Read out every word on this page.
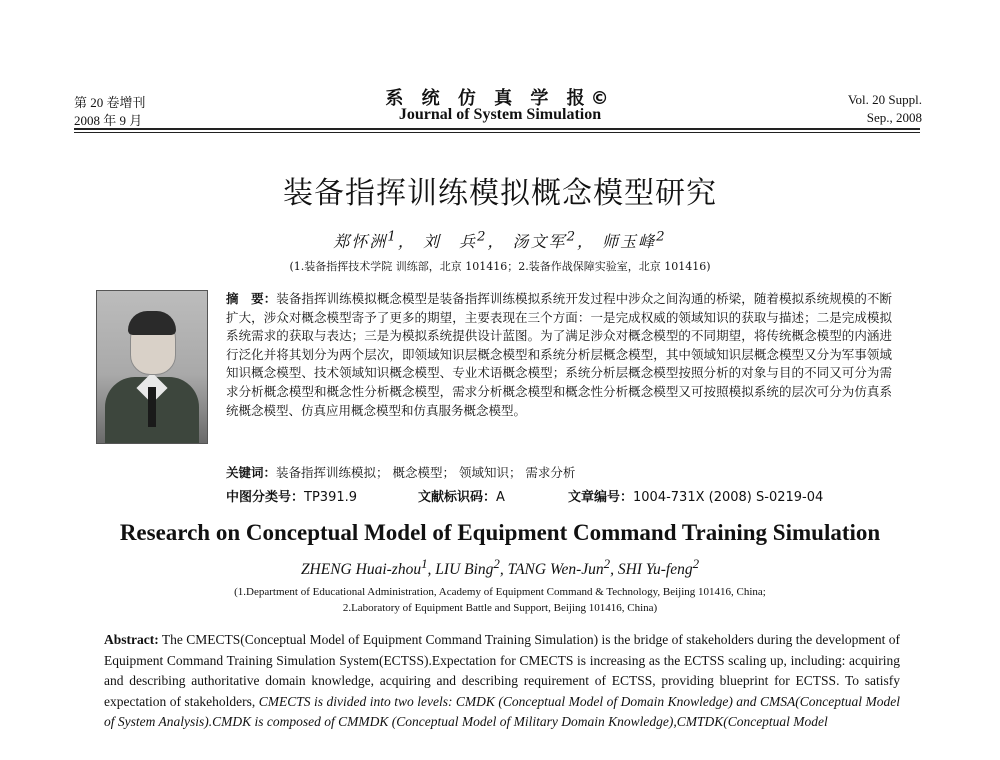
第 20 卷增刊
2008 年 9 月
系 统 仿 真 学 报©
Journal of System Simulation
Vol. 20 Suppl.
Sep., 2008
装备指挥训练模拟概念模型研究
郑怀洲$^1$， 刘　兵$^2$， 汤文军$^2$， 师玉峰$^2$
(1.装备指挥技术学院 训练部，北京 101416；2.装备作战保障实验室，北京 101416)
摘　要：装备指挥训练模拟概念模型是装备指挥训练模拟系统开发过程中涉众之间沟通的桥梁，随着模拟系统规模的不断扩大，涉众对概念模型寄予了更多的期望，主要表现在三个方面：一是完成权威的领域知识的获取与描述；二是完成模拟系统需求的获取与表达；三是为模拟系统提供设计蓝图。为了满足涉众对概念模型的不同期望，将传统概念模型的内涵进行泛化并将其划分为两个层次，即领域知识层概念模型和系统分析层概念模型，其中领域知识层概念模型又分为军事领域知识概念模型、技术领域知识概念模型、专业术语概念模型；系统分析层概念模型按照分析的对象与目的不同又可分为需求分析概念模型和概念性分析概念模型，需求分析概念模型和概念性分析概念模型又可按照模拟系统的层次可分为仿真系统概念模型、仿真应用概念模型和仿真服务概念模型。
关键词：装备指挥训练模拟； 概念模型； 领域知识； 需求分析
中图分类号：TP391.9	文献标识码：A	文章编号：1004-731X (2008) S-0219-04
Research on Conceptual Model of Equipment Command Training Simulation
ZHENG Huai-zhou$^1$, LIU Bing$^2$, TANG Wen-Jun$^2$, SHI Yu-feng$^2$
(1.Department of Educational Administration, Academy of Equipment Command & Technology, Beijing 101416, China;
2.Laboratory of Equipment Battle and Support, Beijing 101416, China)
Abstract: The CMECTS(Conceptual Model of Equipment Command Training Simulation) is the bridge of stakeholders during the development of Equipment Command Training Simulation System(ECTSS).Expectation for CMECTS is increasing as the ECTSS scaling up, including: acquiring and describing authoritative domain knowledge, acquiring and describing requirement of ECTSS, providing blueprint for ECTSS. To satisfy expectation of stakeholders, CMECTS is divided into two levels: CMDK (Conceptual Model of Domain Knowledge) and CMSA(Conceptual Model of System Analysis).CMDK is composed of CMMDK (Conceptual Model of Military Domain Knowledge),CMTDK(Conceptual Model
